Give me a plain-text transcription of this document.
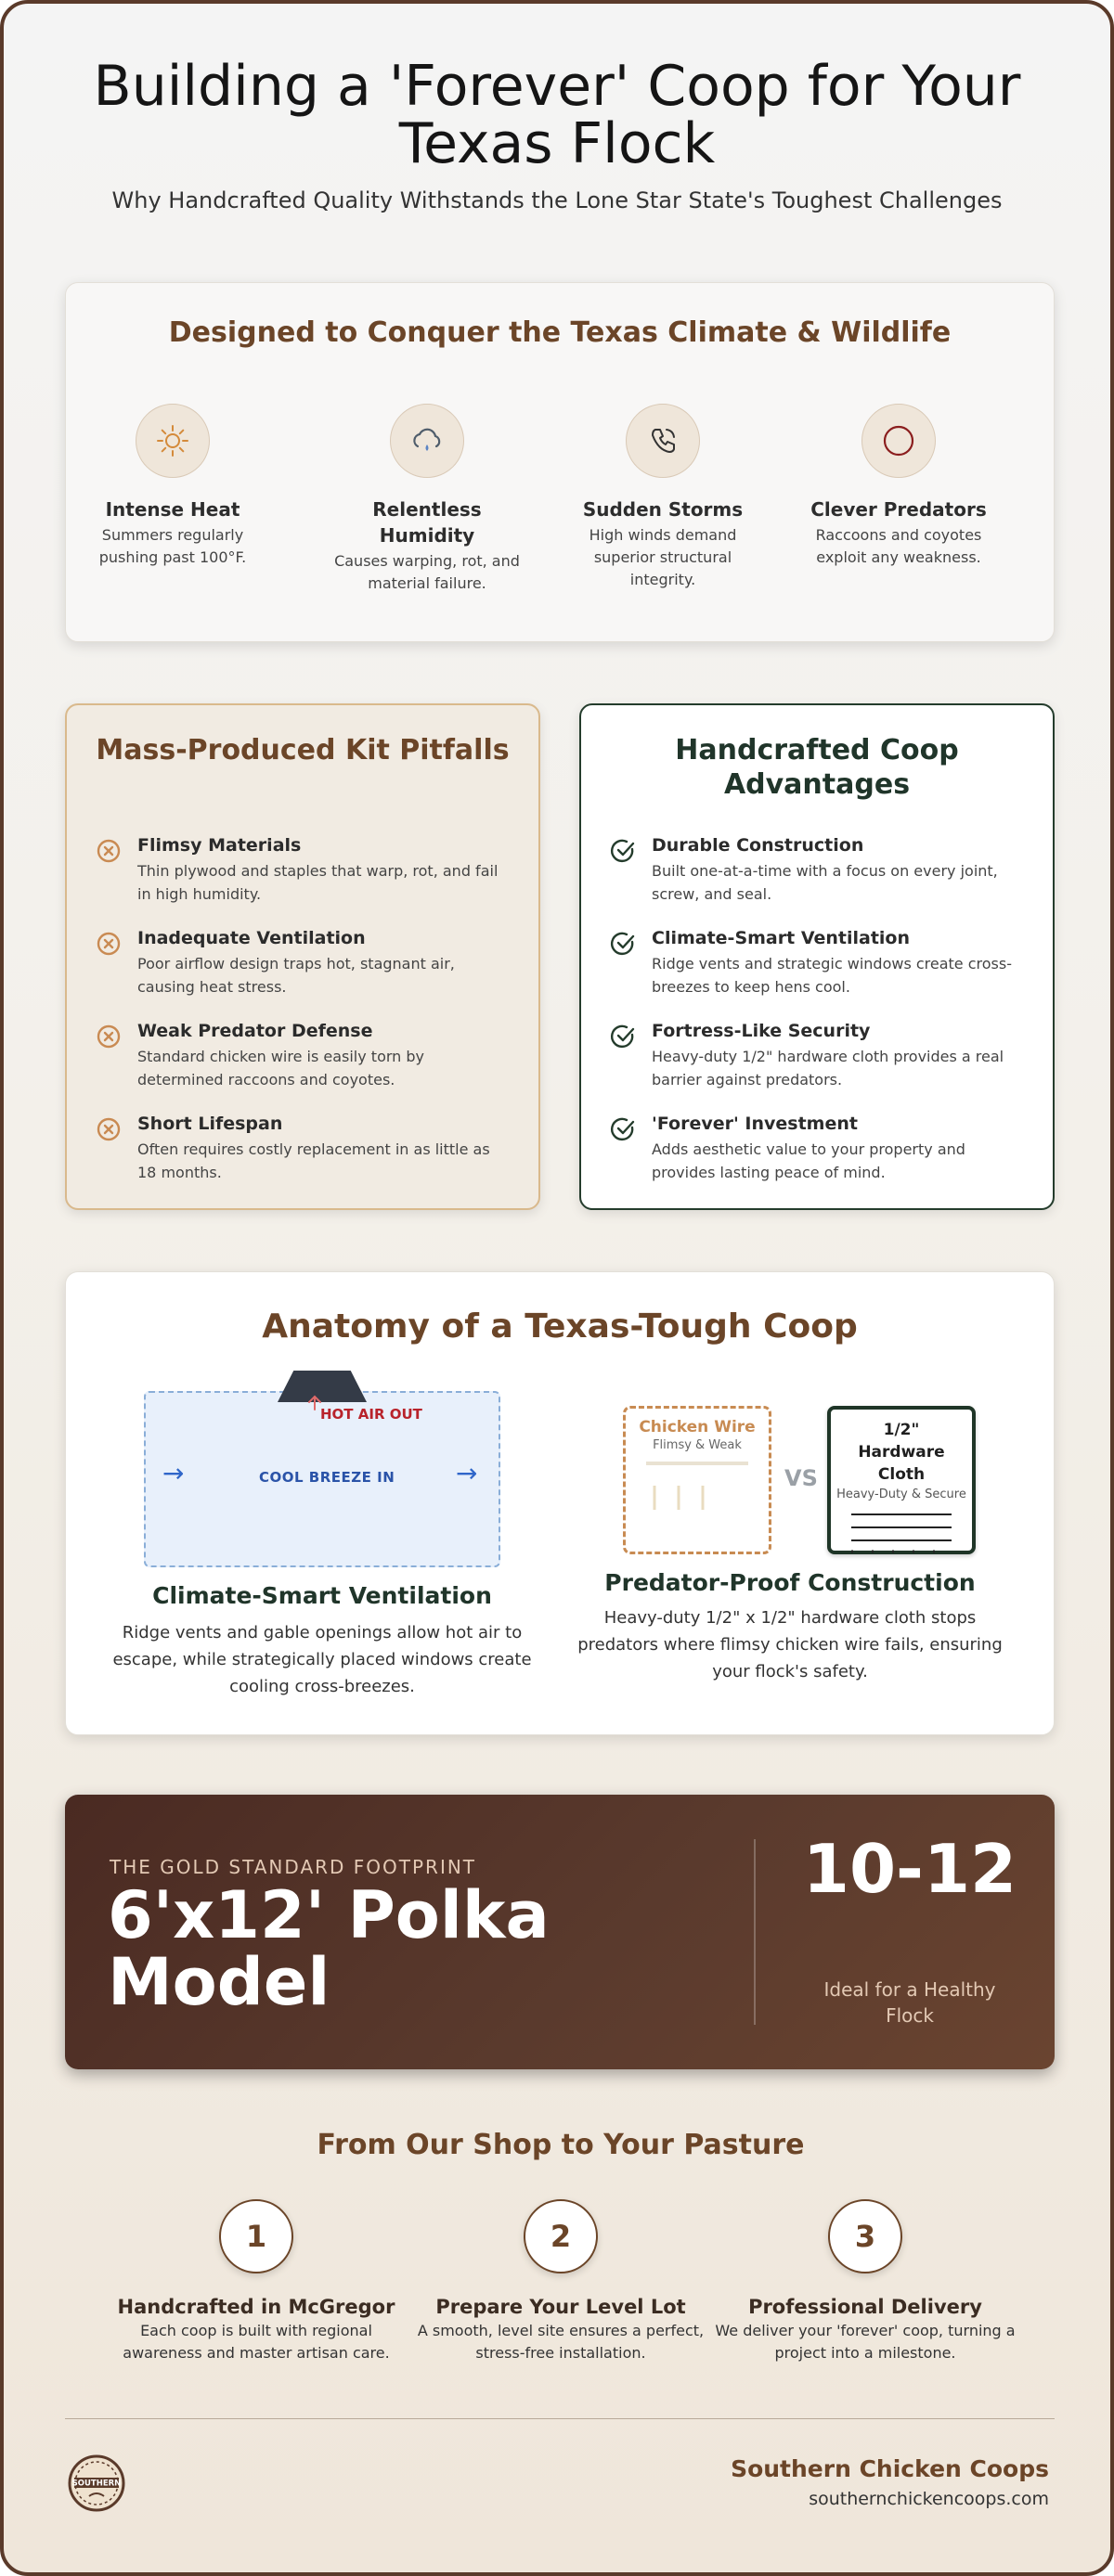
Building a 'Forever' Coop for Your Texas Flock

Why Handcrafted Quality Withstands the Lone Star State's Toughest Challenges

Designed to Conquer the Texas Climate & Wildlife
Intense Heat
Summers regularly pushing past 100°F.
Relentless Humidity
Causes warping, rot, and material failure.
Sudden Storms
High winds demand superior structural integrity.
Clever Predators
Raccoons and coyotes exploit any weakness.
Mass-Produced Kit Pitfalls
Flimsy Materials
Thin plywood and staples that warp, rot, and fail in high humidity.
Inadequate Ventilation
Poor airflow design traps hot, stagnant air, causing heat stress.
Weak Predator Defense
Standard chicken wire is easily torn by determined raccoons and coyotes.
Short Lifespan
Often requires costly replacement in as little as 18 months.
Handcrafted Coop Advantages
Durable Construction
Built one-at-a-time with a focus on every joint, screw, and seal.
Climate-Smart Ventilation
Ridge vents and strategic windows create cross-breezes to keep hens cool.
Fortress-Like Security
Heavy-duty 1/2" hardware cloth provides a real barrier against predators.
'Forever' Investment
Adds aesthetic value to your property and provides lasting peace of mind.
Anatomy of a Texas-Tough Coop
HOT AIR OUT
COOL BREEZE IN
→	→
Climate-Smart Ventilation
Ridge vents and gable openings allow hot air to escape, while strategically placed windows create cooling cross-breezes.
Chicken Wire
Flimsy & Weak
VS
1/2" Hardware Cloth
Heavy-Duty & Secure
Predator-Proof Construction
Heavy-duty 1/2" x 1/2" hardware cloth stops predators where flimsy chicken wire fails, ensuring your flock's safety.
THE GOLD STANDARD FOOTPRINT
6'x12' Polka Model
10-12
Ideal for a Healthy Flock
From Our Shop to Your Pasture
1
Handcrafted in McGregor
Each coop is built with regional awareness and master artisan care.
2
Prepare Your Level Lot
A smooth, level site ensures a perfect, stress-free installation.
3
Professional Delivery
We deliver your 'forever' coop, turning a project into a milestone.
SOUTHERN
Southern Chicken Coops
southernchickencoops.com
